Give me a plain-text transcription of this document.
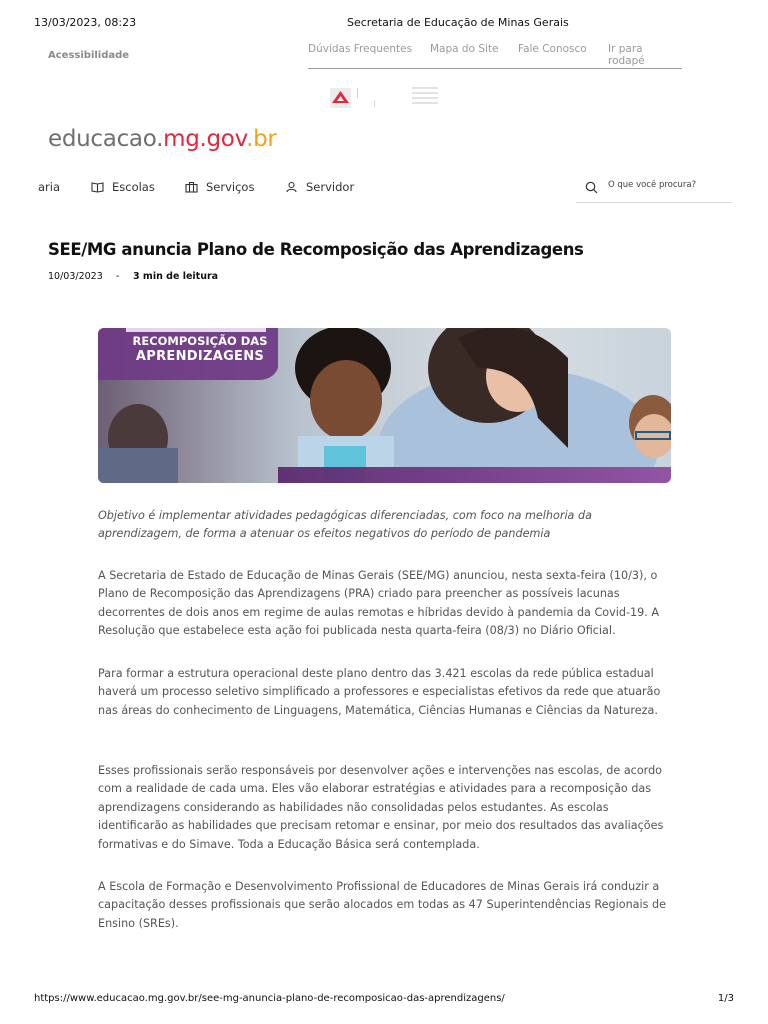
13/03/2023, 08:23	Secretaria de Educação de Minas Gerais
Acessibilidade
Dúvidas Frequentes Mapa do Site Fale Conosco Ir para rodapé
educacao.mg.gov.br
aria	Escolas	Serviços	Servidor
O que você procura?
SEE/MG anuncia Plano de Recomposição das Aprendizagens
10/03/2023 - 3 min de leitura
RECOMPOSIÇÃO DAS
APRENDIZAGENS

Objetivo é implementar atividades pedagógicas diferenciadas, com foco na melhoria da aprendizagem, de forma a atenuar os efeitos negativos do período de pandemia

A Secretaria de Estado de Educação de Minas Gerais (SEE/MG) anunciou, nesta sexta-feira (10/3), o Plano de Recomposição das Aprendizagens (PRA) criado para preencher as possíveis lacunas decorrentes de dois anos em regime de aulas remotas e híbridas devido à pandemia da Covid-19. A Resolução que estabelece esta ação foi publicada nesta quarta-feira (08/3) no Diário Oficial.

Para formar a estrutura operacional deste plano dentro das 3.421 escolas da rede pública estadual haverá um processo seletivo simplificado a professores e especialistas efetivos da rede que atuarão nas áreas do conhecimento de Linguagens, Matemática, Ciências Humanas e Ciências da Natureza.

Esses profissionais serão responsáveis por desenvolver ações e intervenções nas escolas, de acordo com a realidade de cada uma. Eles vão elaborar estratégias e atividades para a recomposição das aprendizagens considerando as habilidades não consolidadas pelos estudantes. As escolas identificarão as habilidades que precisam retomar e ensinar, por meio dos resultados das avaliações formativas e do Simave. Toda a Educação Básica será contemplada.

A Escola de Formação e Desenvolvimento Profissional de Educadores de Minas Gerais irá conduzir a capacitação desses profissionais que serão alocados em todas as 47 Superintendências Regionais de Ensino (SREs).

https://www.educacao.mg.gov.br/see-mg-anuncia-plano-de-recomposicao-das-aprendizagens/	1/3
